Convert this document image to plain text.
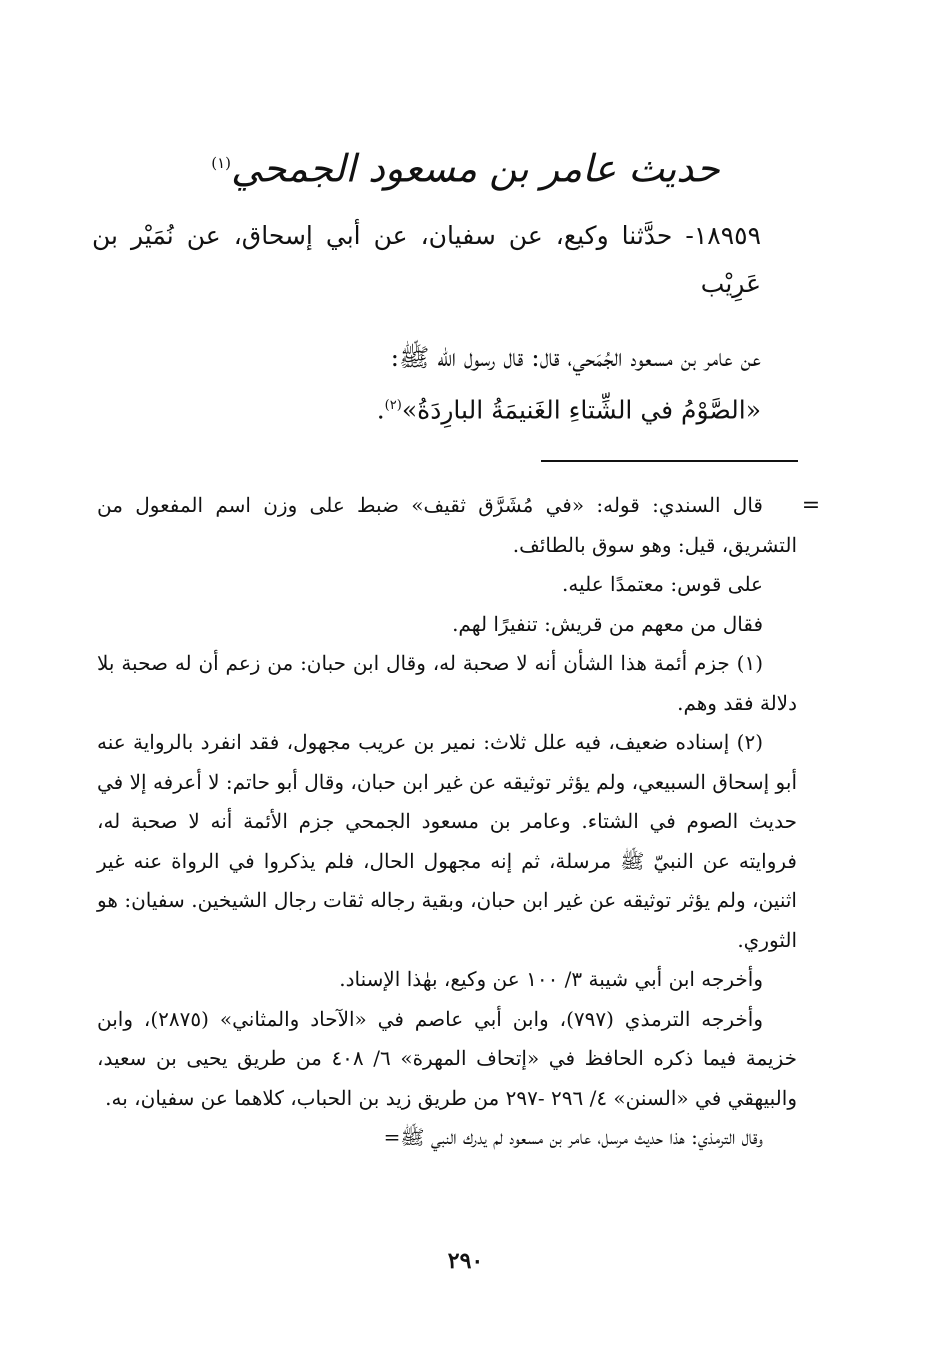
حديث عامر بن مسعود الجمحي$^{(١)}$

١٨٩٥٩- حدَّثنا وكيع، عن سفيان، عن أبي إسحاق، عن نُمَيْر بن عَرِيْب

عن عامر بن مسعود الجُمَحي، قال: قال رسول الله ﷺ:
«الصَّوْمُ في الشِّتاءِ الغَنيمَةُ البارِدَةُ»$^{(٢)}$.

=

قال السندي: قوله: «في مُشَرَّق ثقيف» ضبط على وزن اسم المفعول من التشريق، قيل: وهو سوق بالطائف.

على قوس: معتمدًا عليه.

فقال من معهم من قريش: تنفيرًا لهم.

(١) جزم أئمة هذا الشأن أنه لا صحبة له، وقال ابن حبان: من زعم أن له صحبة بلا دلالة فقد وهم.

(٢) إسناده ضعيف، فيه علل ثلاث: نمير بن عريب مجهول، فقد انفرد بالرواية عنه أبو إسحاق السبيعي، ولم يؤثر توثيقه عن غير ابن حبان، وقال أبو حاتم: لا أعرفه إلا في حديث الصوم في الشتاء. وعامر بن مسعود الجمحي جزم الأئمة أنه لا صحبة له، فروايته عن النبيّ ﷺ مرسلة، ثم إنه مجهول الحال، فلم يذكروا في الرواة عنه غير اثنين، ولم يؤثر توثيقه عن غير ابن حبان، وبقية رجاله ثقات رجال الشيخين. سفيان: هو الثوري.

وأخرجه ابن أبي شيبة ٣/ ١٠٠ عن وكيع، بهٰذا الإسناد.

وأخرجه الترمذي (٧٩٧)، وابن أبي عاصم في «الآحاد والمثاني» (٢٨٧٥)، وابن خزيمة فيما ذكره الحافظ في «إتحاف المهرة» ٦/ ٤٠٨ من طريق يحيى بن سعيد، والبيهقي في «السنن» ٤/ ٢٩٦ -٢٩٧ من طريق زيد بن الحباب، كلاهما عن سفيان، به.

وقال الترمذي: هذا حديث مرسل، عامر بن مسعود لم يدرك النبي ﷺ=

٢٩٠
